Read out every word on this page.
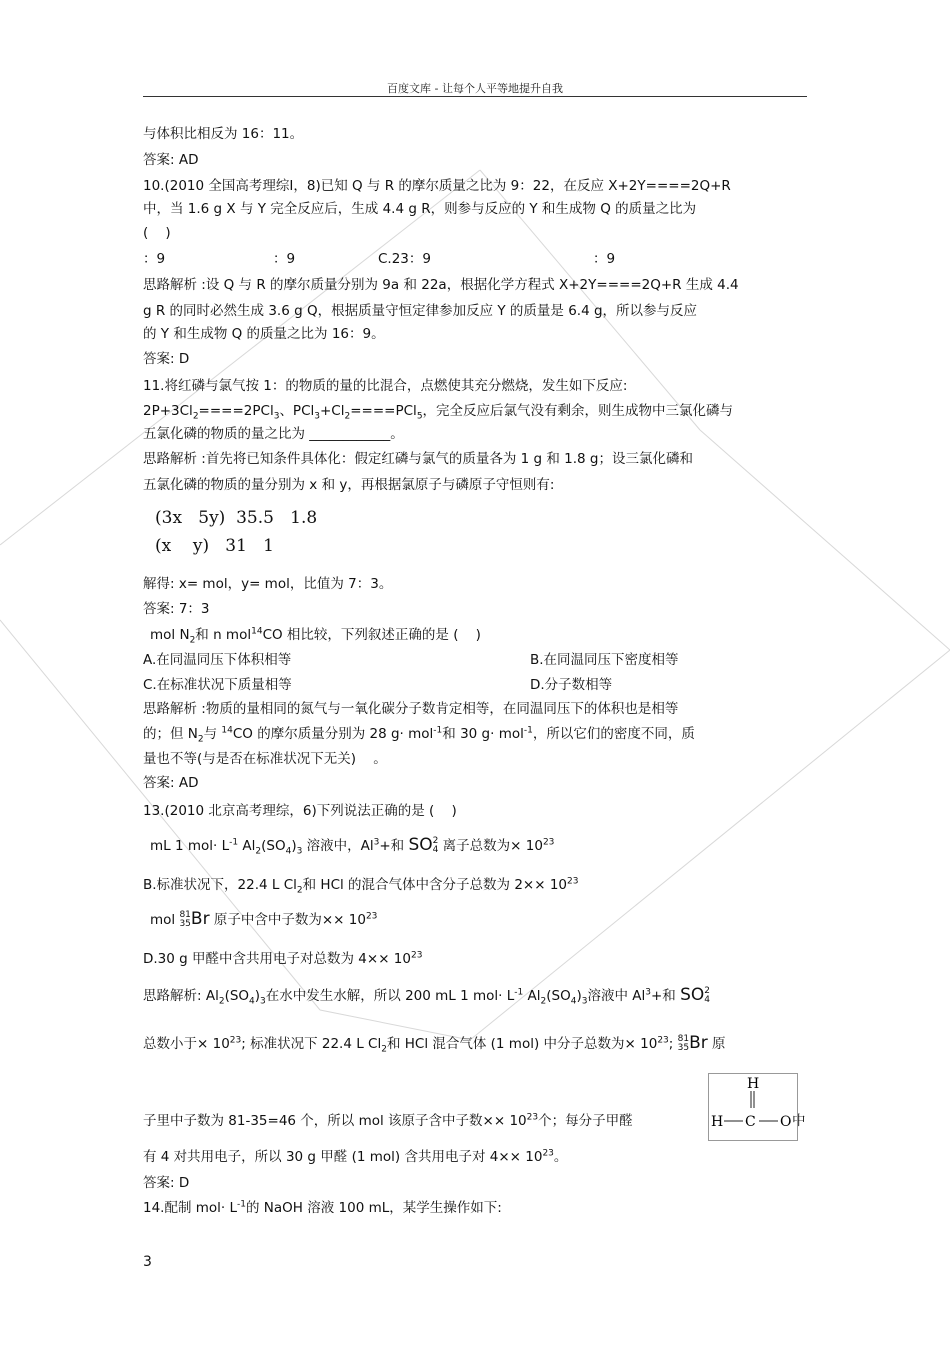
百度文库 - 让每个人平等地提升自我
与体积比相反为 16：11。
答案: AD
10.(2010 全国高考理综Ⅰ，8)已知 Q 与 R 的摩尔质量之比为 9：22，在反应 X+2Y====2Q+R
中，当 1.6 g X 与 Y 完全反应后，生成 4.4 g R，则参与反应的 Y 和生成物 Q 的质量之比为
(    )
：9	：9	C.23：9	：9
思路解析 :设 Q 与 R 的摩尔质量分别为 9a 和 22a，根据化学方程式 X+2Y====2Q+R 生成 4.4
g R 的同时必然生成 3.6 g Q，根据质量守恒定律参加反应 Y 的质量是 6.4 g，所以参与反应
的 Y 和生成物 Q 的质量之比为 16：9。
答案: D
11.将红磷与氯气按 1：的物质的量的比混合，点燃使其充分燃烧，发生如下反应:
$2P+3Cl_2====2PCl_3$、$PCl_3+Cl_2====PCl_5$，完全反应后氯气没有剩余，则生成物中三氯化磷与
五氯化磷的物质的量之比为 ____________。
思路解析 :首先将已知条件具体化：假定红磷与氯气的质量各为 1 g 和 1.8 g；设三氯化磷和
五氯化磷的物质的量分别为 x 和 y，再根据氯原子与磷原子守恒则有:
(3x   5y)  35.5   1.8
(x    y)   31   1
解得: x= mol，y= mol，比值为 7：3。
答案: 7：3
mol $N_2$和 n mol$^{14}$CO 相比较，下列叙述正确的是 (    )
A.在同温同压下体积相等	B.在同温同压下密度相等
C.在标准状况下质量相等	D.分子数相等
思路解析 :物质的量相同的氮气与一氧化碳分子数肯定相等，在同温同压下的体积也是相等
的；但 $N_2$与 $^{14}$CO 的摩尔质量分别为 28 g· mol$^{-1}$和 30 g· mol$^{-1}$，所以它们的密度不同，质
量也不等(与是否在标准状况下无关)    。
答案: AD
13.(2010 北京高考理综，6)下列说法正确的是 (    )
mL 1 $mol\cdot L^{-1}$ $Al_2(SO_4)_3$ 溶液中，$Al^3+$和 SO2
4 离子总数为× $10^{23}$
B.标准状况下，22.4 L $Cl_2$和 HCl 的混合气体中含分子总数为 $2\times\times 10^{23}$
mol 81
35Br 原子中含中子数为×× $10^{23}$
D.30 g 甲醛中含共用电子对总数为 $4\times\times 10^{23}$
思路解析: $Al_2(SO_4)_3$在水中发生水解，所以 200 mL 1 $mol\cdot L^{-1}$ $Al_2(SO_4)_3$溶液中 $Al^3+$和 SO2
4
总数小于× $10^{23}$; 标准状况下 22.4 L $Cl_2$和 HCl 混合气体 (1 mol) 中分子总数为× $10^{23}$; 81
35Br 原
子里中子数为 81-35=46 个，所以 mol 该原子含中子数×× $10^{23}$个；每分子甲醛	中
H
H C O
有 4 对共用电子，所以 30 g 甲醛 (1 mol) 含共用电子对 $4\times\times 10^{23}$。
答案: D
14.配制 $mol\cdot L^{-1}$的 NaOH 溶液 100 mL，某学生操作如下:
3
